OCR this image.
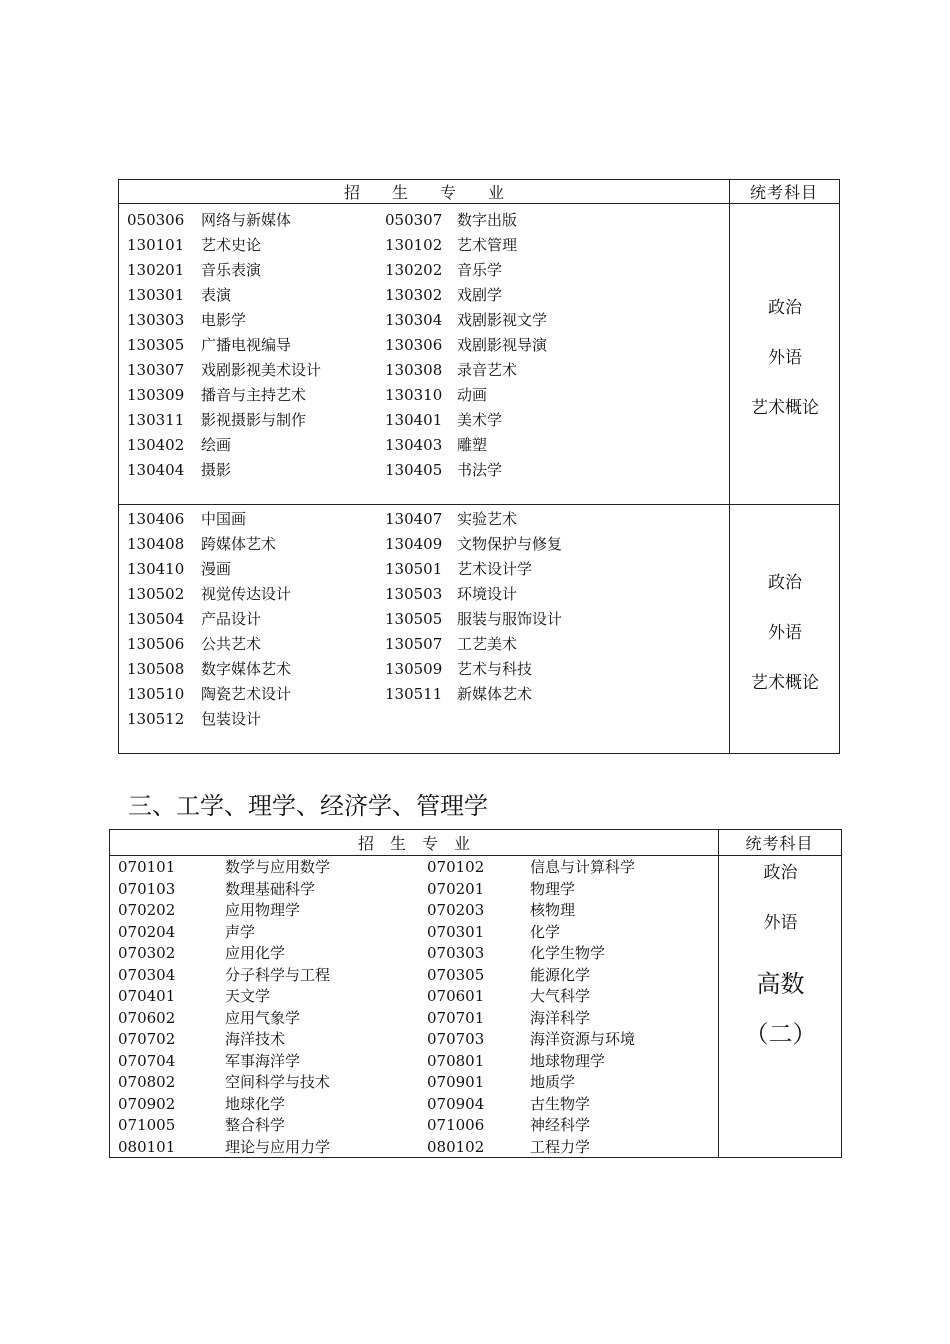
招　　生　　专　　业	统考科目
050306 网络与新媒体	050307 数字出版
130101 艺术史论	130102 艺术管理
130201 音乐表演	130202 音乐学
130301 表演	130302 戏剧学
130303 电影学	130304 戏剧影视文学
130305 广播电视编导	130306 戏剧影视导演
130307 戏剧影视美术设计	130308 录音艺术
130309 播音与主持艺术	130310 动画
130311 影视摄影与制作	130401 美术学
130402 绘画	130403 雕塑
130404 摄影	130405 书法学
130406 中国画	130407 实验艺术
130408 跨媒体艺术	130409 文物保护与修复
130410 漫画	130501 艺术设计学
130502 视觉传达设计	130503 环境设计
130504 产品设计	130505 服装与服饰设计
130506 公共艺术	130507 工艺美术
130508 数字媒体艺术	130509 艺术与科技
130510 陶瓷艺术设计	130511 新媒体艺术
130512 包装设计
政治
外语
艺术概论
政治
外语
艺术概论
三、工学、理学、经济学、管理学
招　生　专　业	统考科目
070101	数学与应用数学	070102	信息与计算科学
070103	数理基础科学	070201	物理学
070202	应用物理学	070203	核物理
070204	声学	070301	化学
070302	应用化学	070303	化学生物学
070304	分子科学与工程	070305	能源化学
070401	天文学	070601	大气科学
070602	应用气象学	070701	海洋科学
070702	海洋技术	070703	海洋资源与环境
070704	军事海洋学	070801	地球物理学
070802	空间科学与技术	070901	地质学
070902	地球化学	070904	古生物学
071005	整合科学	071006	神经科学
080101	理论与应用力学	080102	工程力学
政治
外语
高数
（二）
